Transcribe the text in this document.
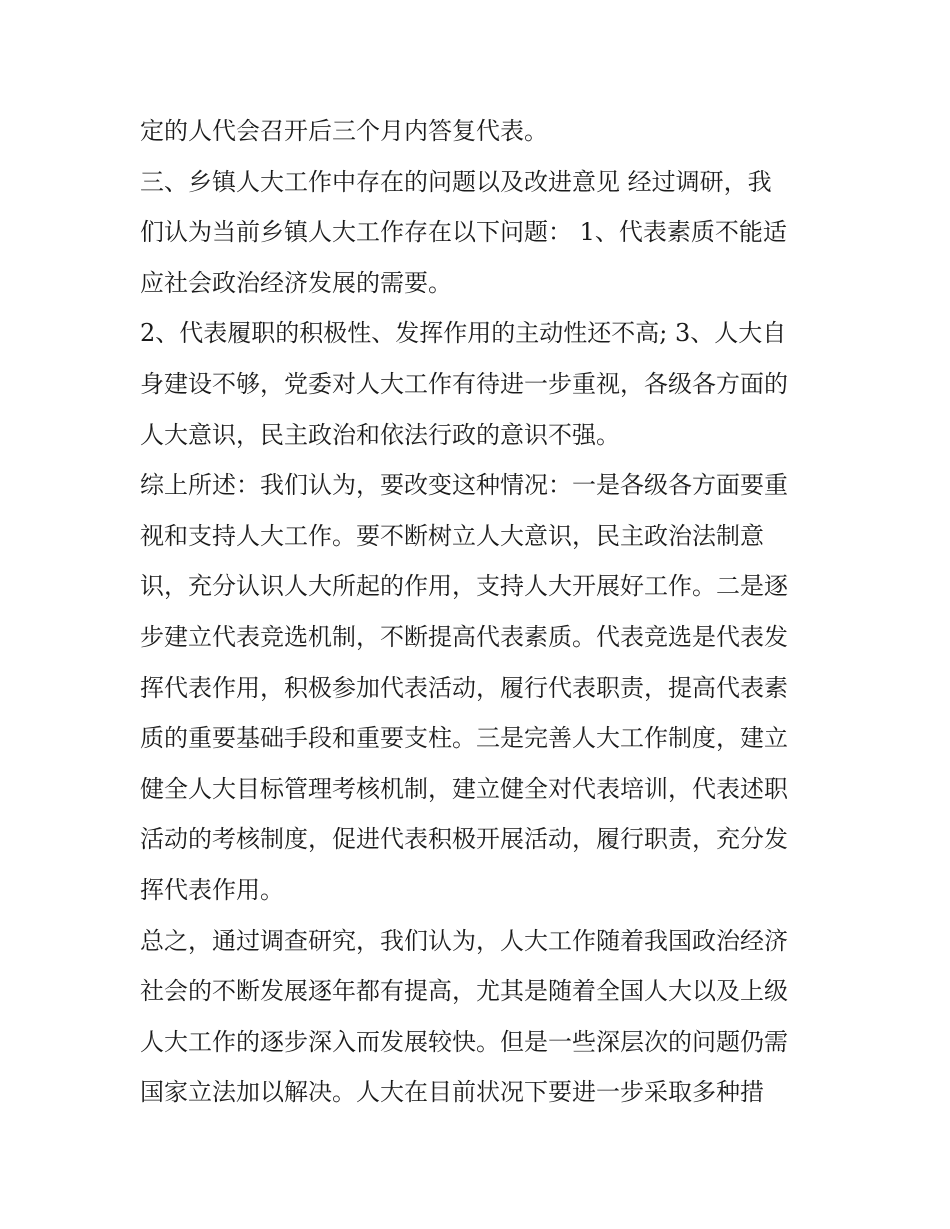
定的人代会召开后三个月内答复代表。
三、乡镇人大工作中存在的问题以及改进意见 经过调研，我
们认为当前乡镇人大工作存在以下问题： 1、代表素质不能适
应社会政治经济发展的需要。
2、代表履职的积极性、发挥作用的主动性还不高; 3、人大自
身建设不够，党委对人大工作有待进一步重视，各级各方面的
人大意识，民主政治和依法行政的意识不强。
综上所述：我们认为，要改变这种情况：一是各级各方面要重
视和支持人大工作。要不断树立人大意识，民主政治法制意
识，充分认识人大所起的作用，支持人大开展好工作。二是逐
步建立代表竞选机制，不断提高代表素质。代表竞选是代表发
挥代表作用，积极参加代表活动，履行代表职责，提高代表素
质的重要基础手段和重要支柱。三是完善人大工作制度，建立
健全人大目标管理考核机制，建立健全对代表培训，代表述职
活动的考核制度，促进代表积极开展活动，履行职责，充分发
挥代表作用。
总之，通过调查研究，我们认为，人大工作随着我国政治经济
社会的不断发展逐年都有提高，尤其是随着全国人大以及上级
人大工作的逐步深入而发展较快。但是一些深层次的问题仍需
国家立法加以解决。人大在目前状况下要进一步采取多种措
